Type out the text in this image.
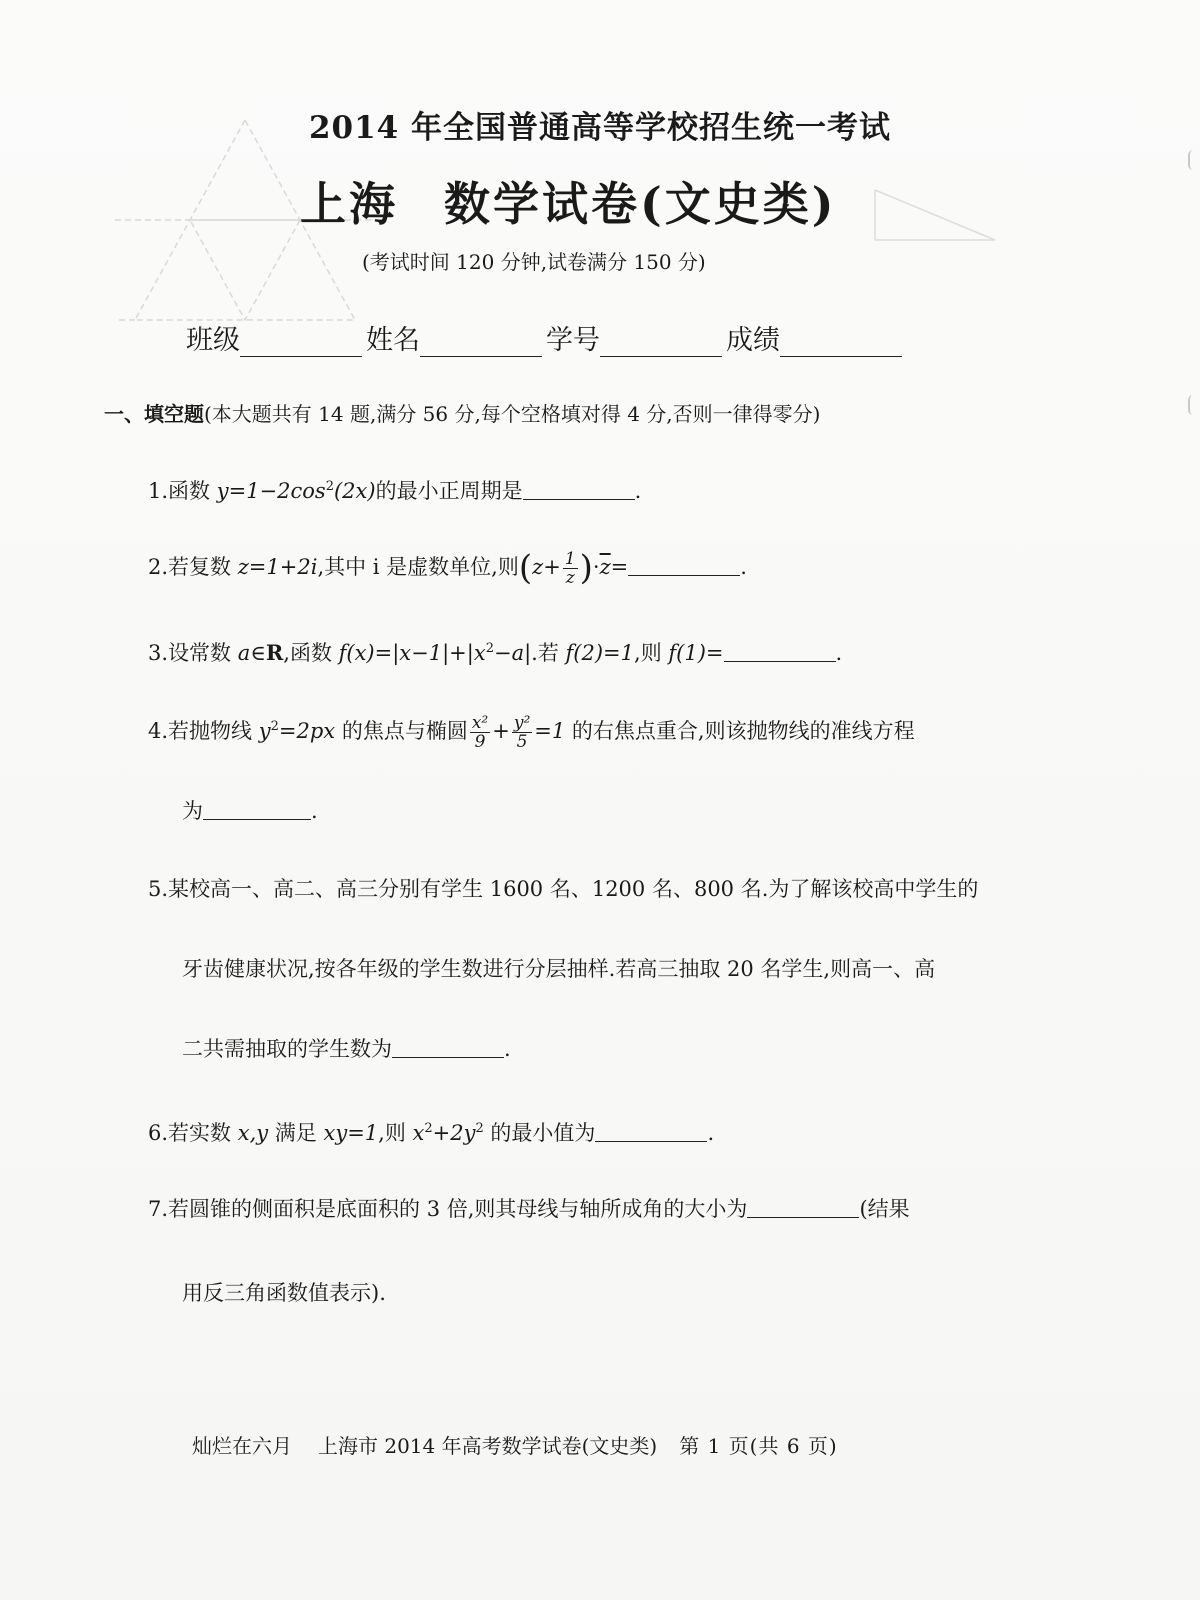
2014 年全国普通高等学校招生统一考试
上海 数学试卷(文史类)
(考试时间 120 分钟,试卷满分 150 分)
班级	姓名	学号	成绩
一、填空题(本大题共有 14 题,满分 56 分,每个空格填对得 4 分,否则一律得零分)
1.函数 $y=1-2\cos^2(2x)$的最小正周期是	.
2.若复数 z=1+2i,其中 i 是虚数单位,则$(z+ \frac{1}{z} )\cdot\overline{z}=$	.
3.设常数 a∈R,函数 $f(x)=|x-1|+|x^2-a|$.若 f(2)=1,则 f(1)=	.
4.若抛物线 $y^2=2px$ 的焦点与椭圆 $\frac{\text{x²}}{9} + \frac{\text{y²}}{5} =1$ 的右焦点重合,则该抛物线的准线方程
为	.
5.某校高一、高二、高三分别有学生 1600 名、1200 名、800 名.为了解该校高中学生的
牙齿健康状况,按各年级的学生数进行分层抽样.若高三抽取 20 名学生,则高一、高
二共需抽取的学生数为	.
6.若实数 x,y 满足 xy=1,则 $x^2+2y^2$ 的最小值为	.
7.若圆锥的侧面积是底面积的 3 倍,则其母线与轴所成角的大小为	(结果
用反三角函数值表示).
灿烂在六月 上海市 2014 年高考数学试卷(文史类) 第 1 页(共 6 页)
